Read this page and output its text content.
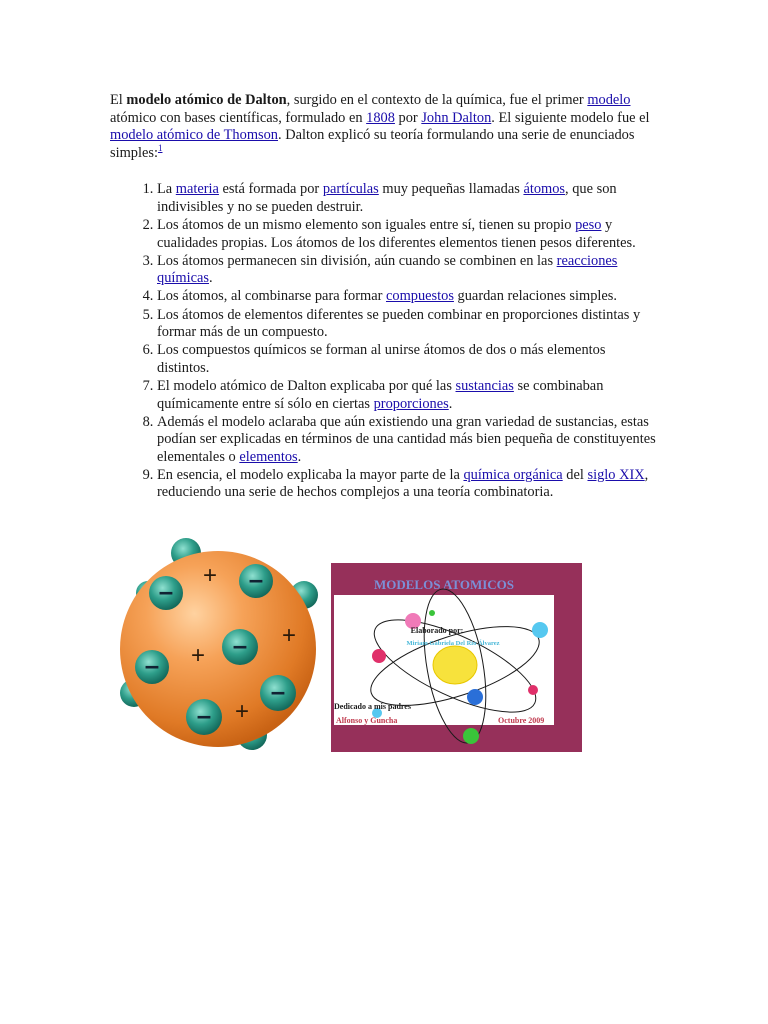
El modelo atómico de Dalton, surgido en el contexto de la química, fue el primer modelo atómico con bases científicas, formulado en 1808 por John Dalton. El siguiente modelo fue el modelo atómico de Thomson. Dalton explicó su teoría formulando una serie de enunciados simples:$^1$

1. La materia está formada por partículas muy pequeñas llamadas átomos, que son indivisibles y no se pueden destruir.
2. Los átomos de un mismo elemento son iguales entre sí, tienen su propio peso y cualidades propias. Los átomos de los diferentes elementos tienen pesos diferentes.
3. Los átomos permanecen sin división, aún cuando se combinen en las reacciones químicas.
4. Los átomos, al combinarse para formar compuestos guardan relaciones simples.
5. Los átomos de elementos diferentes se pueden combinar en proporciones distintas y formar más de un compuesto.
6. Los compuestos químicos se forman al unirse átomos de dos o más elementos distintos.
7. El modelo atómico de Dalton explicaba por qué las sustancias se combinaban químicamente entre sí sólo en ciertas proporciones.
8. Además el modelo aclaraba que aún existiendo una gran variedad de sustancias, estas podían ser explicadas en términos de una cantidad más bien pequeña de constituyentes elementales o elementos.
9. En esencia, el modelo explicaba la mayor parte de la química orgánica del siglo XIX, reduciendo una serie de hechos complejos a una teoría combinatoria.
–	–
–
–
–
–
+
+
+
+
MODELOS ATOMICOS
Elaborado por:
Miriam Gabriela Del Rio Álvarez
Dedicado a mis padres
Alfonso y Guncha	Octubre 2009
